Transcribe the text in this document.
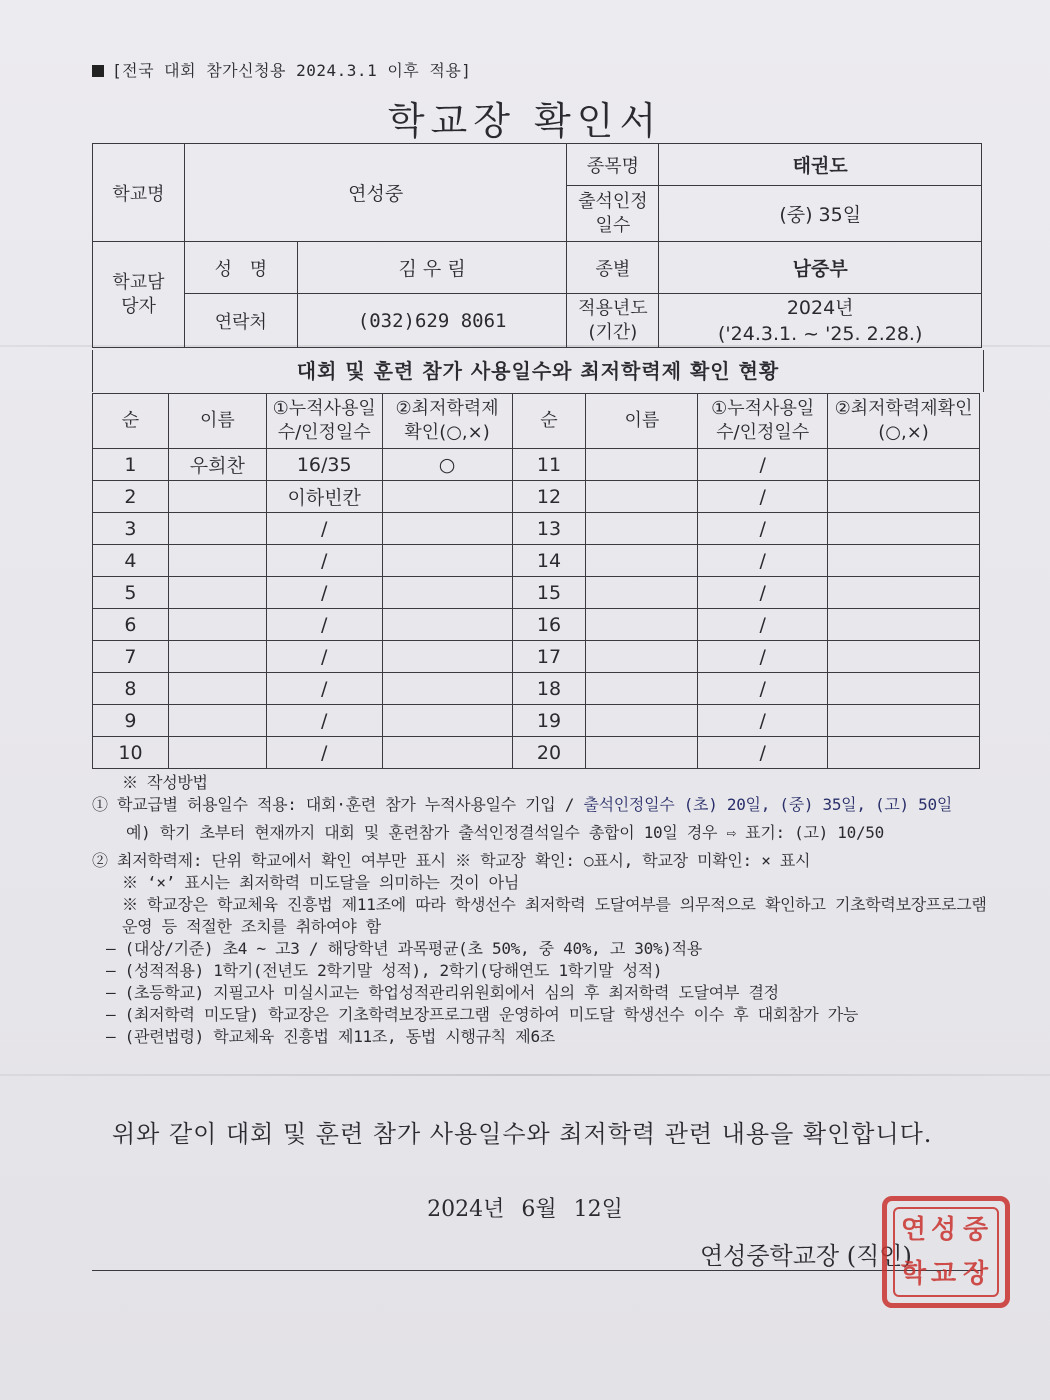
[전국 대회 참가신청용 2024.3.1 이후 적용]
학교장 확인서
학교명	연성중		종목명	태권도
			출석인정일수	(중) 35일
학교담당자	성 명	김 우 림	종별	남중부
	연락처	(032)629 8061	적용년도(기간)	2024년
('24.3.1. ~ '25. 2.28.)
대회 및 훈련 참가 사용일수와 최저학력제 확인 현황
순	이름	①누적사용일수/인정일수	②최저학력제확인(○,×)	순	이름	①누적사용일수/인정일수	②최저학력제확인(○,×)
1	우희찬	16/35	○	11		/	
2		이하빈칸		12		/	
3		/		13		/	
4		/		14		/	
5		/		15		/	
6		/		16		/	
7		/		17		/	
8		/		18		/	
9		/		19		/	
10		/		20		/	
※ 작성방법
① 학교급별 허용일수 적용: 대회·훈련 참가 누적사용일수 기입 / 출석인정일수 (초) 20일, (중) 35일, (고) 50일
예) 학기 초부터 현재까지 대회 및 훈련참가 출석인정결석일수 총합이 10일 경우 ⇨ 표기: (고) 10/50
② 최저학력제: 단위 학교에서 확인 여부만 표시 ※ 학교장 확인: ○표시, 학교장 미확인: × 표시
※ ‘×’ 표시는 최저학력 미도달을 의미하는 것이 아님
※ 학교장은 학교체육 진흥법 제11조에 따라 학생선수 최저학력 도달여부를 의무적으로 확인하고 기초학력보장프로그램 운영 등 적절한 조치를 취하여야 함
– (대상/기준) 초4 ~ 고3 / 해당학년 과목평균(초 50%, 중 40%, 고 30%)적용
– (성적적용) 1학기(전년도 2학기말 성적), 2학기(당해연도 1학기말 성적)
– (초등학교) 지필고사 미실시교는 학업성적관리위원회에서 심의 후 최저학력 도달여부 결정
– (최저학력 미도달) 학교장은 기초학력보장프로그램 운영하여 미도달 학생선수 이수 후 대회참가 가능
– (관련법령) 학교체육 진흥법 제11조, 동법 시행규칙 제6조
위와 같이 대회 및 훈련 참가 사용일수와 최저학력 관련 내용을 확인합니다.
2024년 6월 12일
연성중학교장 (직인)
연 성 중
학 교 장
